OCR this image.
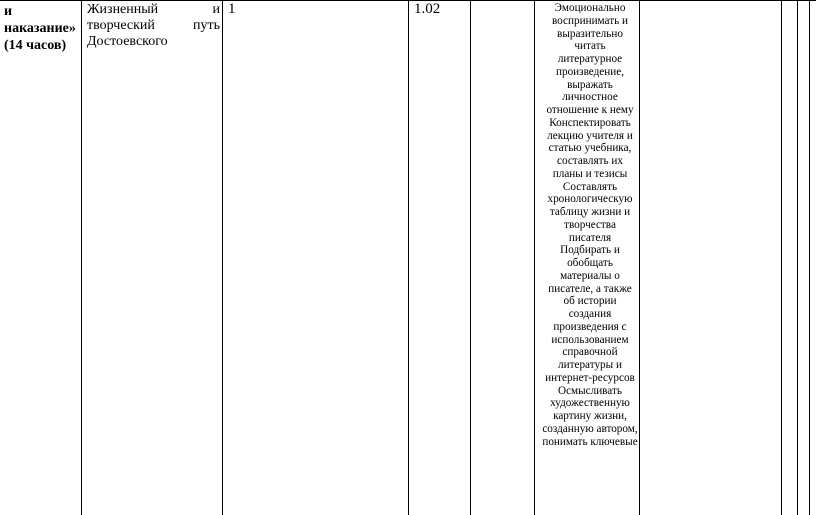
и
наказание»
(14 часов)
Жизненный и
творческий путь
Достоевского
1	1.02	Эмоционально воспринимать и выразительно читать литературное произведение, выражать личностное отношение к нему Конспектировать лекцию учителя и статью учебника, составлять их планы и тезисы Составлять хронологическую таблицу жизни и творчества писателя Подбирать и обобщать материалы о писателе, а также об истории создания произведения с использованием справочной литературы и интернет-ресурсов Осмысливать художественную картину жизни, созданную автором, понимать ключевые
